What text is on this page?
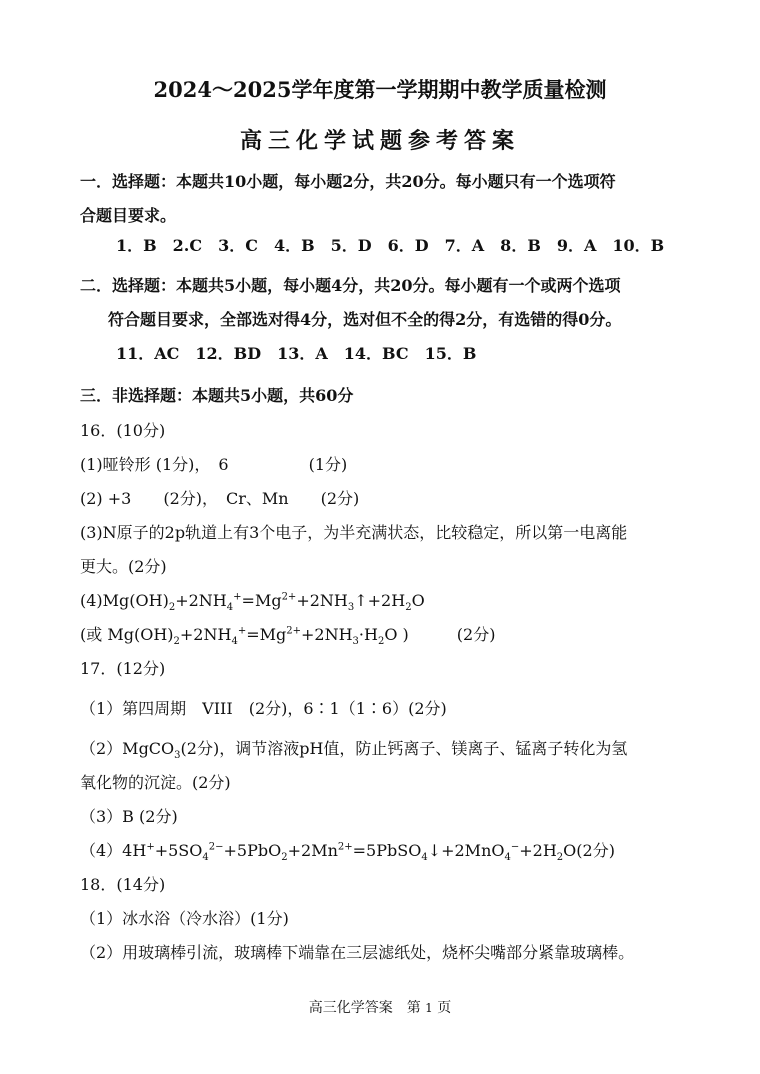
2024～2025学年度第一学期期中教学质量检测
高三化学试题参考答案
一．选择题：本题共10小题，每小题2分，共20分。每小题只有一个选项符
合题目要求。
1．B　2.C　3．C　4．B　5．D　6．D　7．A　8．B　9．A　10．B
二．选择题：本题共5小题，每小题4分，共20分。每小题有一个或两个选项
符合题目要求，全部选对得4分，选对但不全的得2分，有选错的得0分。
11．AC　12．BD　13．A　14．BC　15．B
三．非选择题：本题共5小题，共60分
16．(10分)
(1)哑铃形 (1分)，　6　　　　　(1分)
(2) +3　　(2分)，　Cr、Mn　　(2分)
(3)N原子的2p轨道上有3个电子，为半充满状态，比较稳定，所以第一电离能
更大。(2分)
$(4)Mg(OH)_2+2NH_4^+=Mg^{2+}+2NH_3↑+2H_2O$
(或 $Mg(OH)_2+2NH_4^+=Mg^{2+}+2NH_3\cdot H_2O$ )　　　(2分)
17．(12分)
（1）第四周期　VIII　(2分)，6∶1（1∶6）(2分)
（2）MgCO$_3$(2分)，调节溶液pH值，防止钙离子、镁离子、锰离子转化为氢
氧化物的沉淀。(2分)
（3）B (2分)
$(4)4H^++5SO_4^{2-}+5PbO_2+2Mn^{2+}=5PbSO_4↓+2MnO_4^-+2H_2O(2$分)
18．(14分)
（1）冰水浴（冷水浴）(1分)
（2）用玻璃棒引流，玻璃棒下端靠在三层滤纸处，烧杯尖嘴部分紧靠玻璃棒。
高三化学答案　第 1 页
